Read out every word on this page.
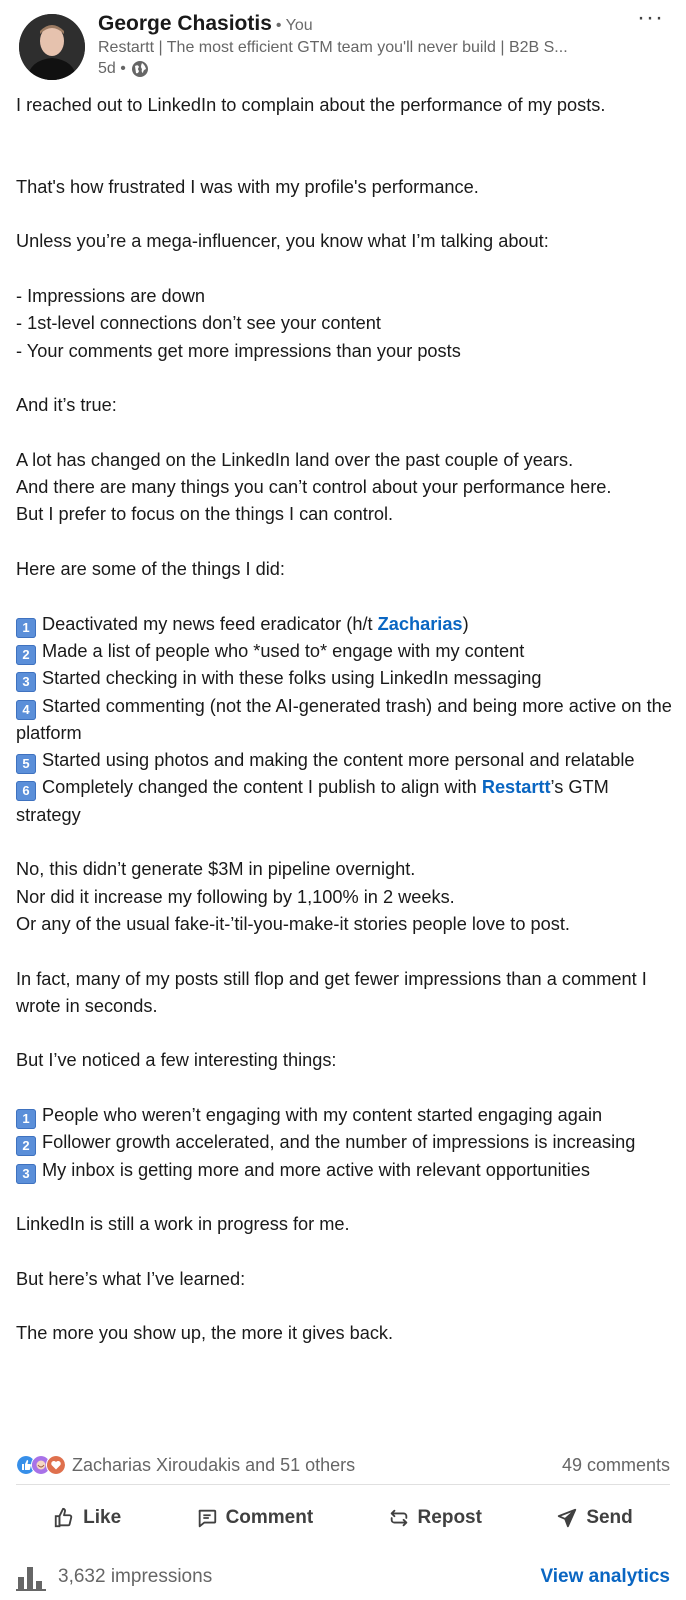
George Chasiotis • You
Restartt | The most efficient GTM team you'll never build | B2B S...
5d •
···

I reached out to LinkedIn to complain about the performance of my posts.

That's how frustrated I was with my profile's performance.

Unless you’re a mega-influencer, you know what I’m talking about:

- Impressions are down

- 1st-level connections don’t see your content

- Your comments get more impressions than your posts

And it’s true:

A lot has changed on the LinkedIn land over the past couple of years.

And there are many things you can’t control about your performance here.

But I prefer to focus on the things I can control.

Here are some of the things I did:

1 Deactivated my news feed eradicator (h/t Zacharias)

2 Made a list of people who *used to* engage with my content

3 Started checking in with these folks using LinkedIn messaging

4 Started commenting (not the AI-generated trash) and being more active on the platform

5 Started using photos and making the content more personal and relatable

6 Completely changed the content I publish to align with Restartt’s GTM strategy

No, this didn’t generate $3M in pipeline overnight.

Nor did it increase my following by 1,100% in 2 weeks.

Or any of the usual fake-it-’til-you-make-it stories people love to post.

In fact, many of my posts still flop and get fewer impressions than a comment I wrote in seconds.

But I’ve noticed a few interesting things:

1 People who weren’t engaging with my content started engaging again

2 Follower growth accelerated, and the number of impressions is increasing

3 My inbox is getting more and more active with relevant opportunities

LinkedIn is still a work in progress for me.

But here’s what I’ve learned:

The more you show up, the more it gives back.

Zacharias Xiroudakis and 51 others	49 comments
Like	Comment	Repost	Send
3,632 impressions	View analytics
